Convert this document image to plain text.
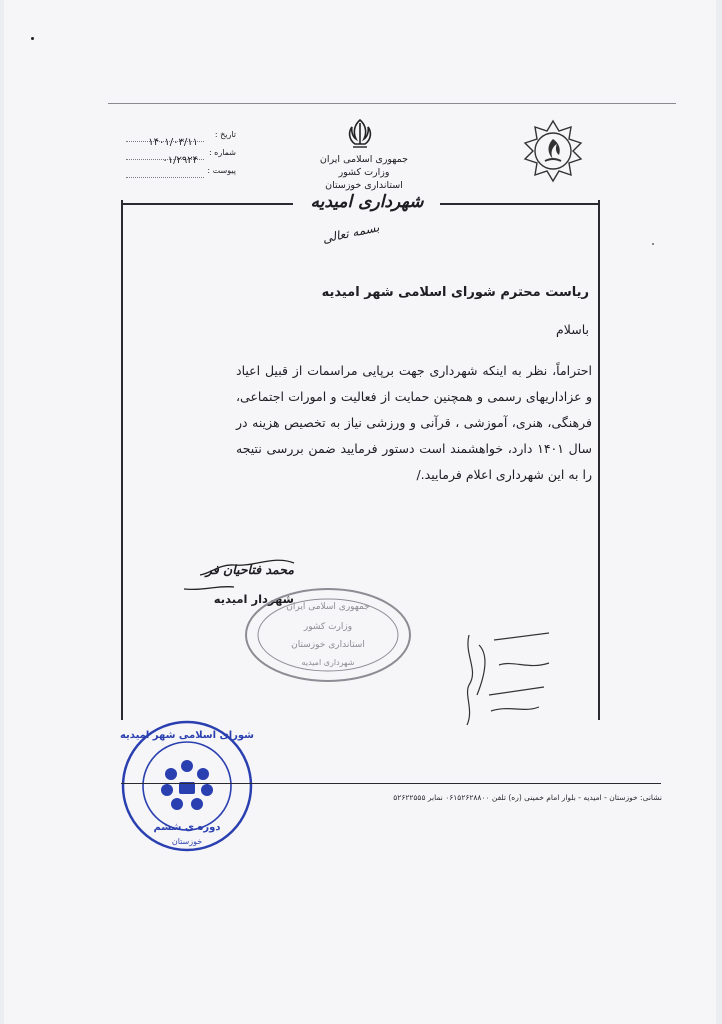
تاریخ :
شماره :
۱۴۰۱/۰۳/۱۱
پیوست :
۰۱/۲۹۲۴	جمهوری اسلامی ایران
وزارت کشور
استانداری خوزستان
شهرداری امیدیه
بسمه تعالی
ریاست محترم شورای اسلامی شهر امیدیه
باسلام
احتراماً، نظر به اینکه شهرداری جهت برپایی مراسمات از قبیل اعیاد و عزاداریهای رسمی و همچنین حمایت از فعالیت و امورات اجتماعی، فرهنگی، هنری، آموزشی ، قرآنی و ورزشی نیاز به تخصیص هزینه در سال ۱۴۰۱ دارد، خواهشمند است دستور فرمایید ضمن بررسی نتیجه را به این شهرداری اعلام فرمایید./
محمد فتاحیان فر
شهردار امیدیه
جمهوری اسلامی ایران
وزارت کشور
استانداری خوزستان
شهرداری امیدیه
شورای اسلامی شهر امیدیه
دوره ی ششم
خوزستان
نشانی: خوزستان - امیدیه - بلوار امام خمینی (ره) تلفن ۰۶۱۵۲۶۲۸۸۰۰ نمابر ۵۲۶۲۲۵۵۵
